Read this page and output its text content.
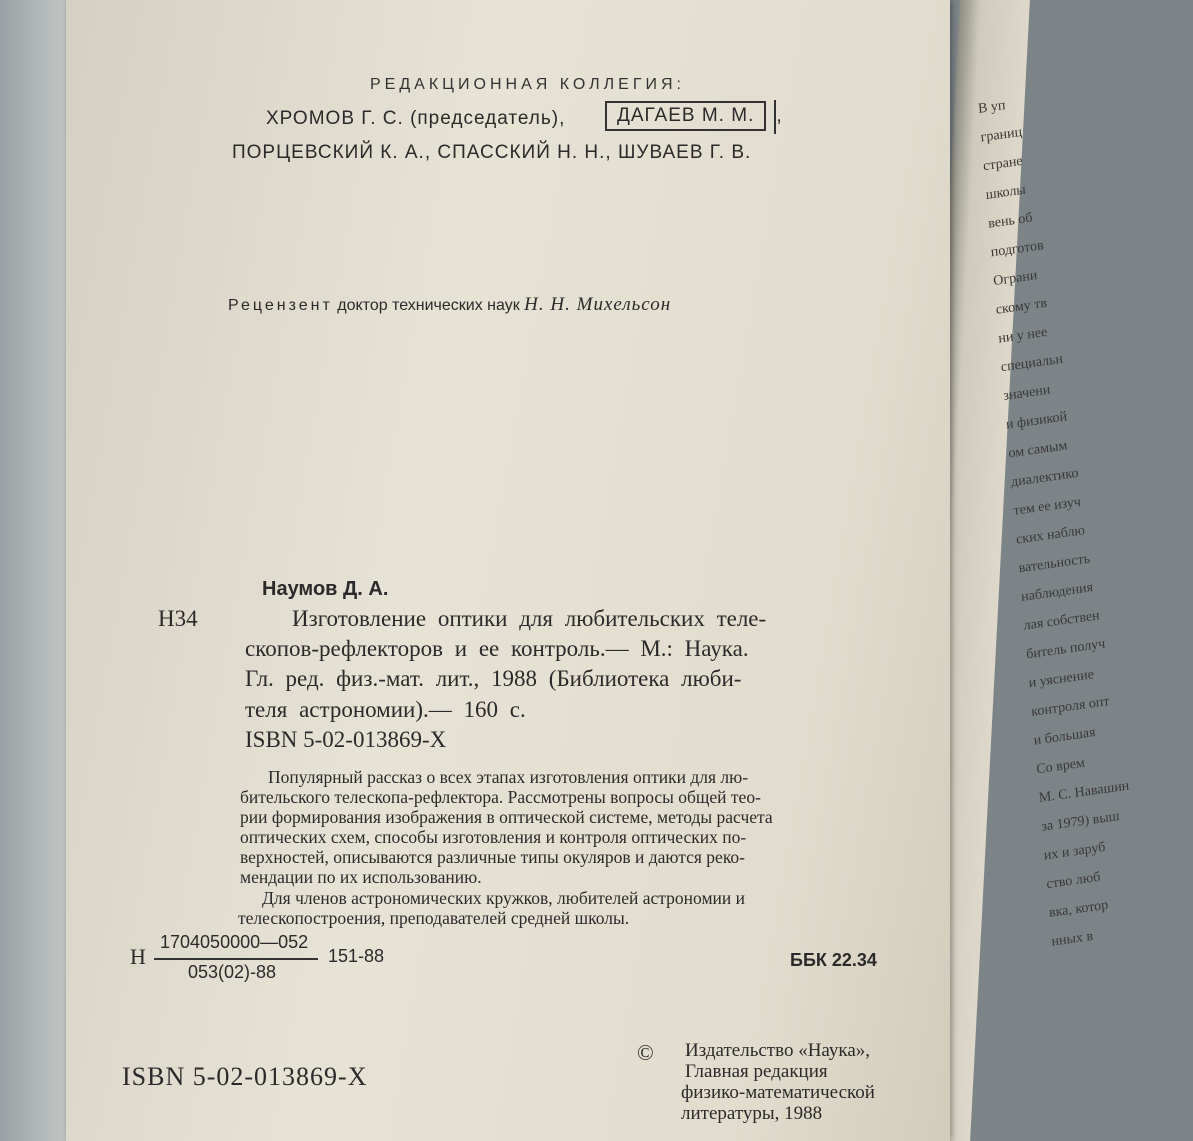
В уп
границ
стране
школы
вень об
подготов
Ограни
скому тв
ни у нее
специальн
значени
и физикой
ом самым
диалектико
тем ее изуч
ских наблю
вательность
наблюдения
лая собствен
битель получ
и уяснение
контроля опт
и большая
Со врем
М. С. Навашин
за 1979) выш
их и заруб
ство люб
вка, котор
нных в
РЕДАКЦИОННАЯ КОЛЛЕГИЯ:
ХРОМОВ Г. С. (председатель),	ДАГАЕВ М. М. ,
ПОРЦЕВСКИЙ К. А., СПАССКИЙ Н. Н., ШУВАЕВ Г. В.
Рецензент доктор технических наук Н. Н. Михельсон
Наумов Д. А.
Н34	Изготовление оптики для любительских теле-
скопов-рефлекторов и ее контроль.— М.: Наука.
Гл. ред. физ.-мат. лит., 1988 (Библиотека люби-
теля астрономии).— 160 с.
ISBN 5-02-013869-X
Популярный рассказ о всех этапах изготовления оптики для лю-
бительского телескопа-рефлектора. Рассмотрены вопросы общей тео-
рии формирования изображения в оптической системе, методы расчета
оптических схем, способы изготовления и контроля оптических по-
верхностей, описываются различные типы окуляров и даются реко-
мендации по их использованию.
Для членов астрономических кружков, любителей астрономии и
телескопостроения, преподавателей средней школы.
Н
1704050000—052
053(02)-88
151-88	ББК 22.34
ISBN 5-02-013869-X
© Издательство «Наука»,
Главная редакция
физико-математической
литературы, 1988
